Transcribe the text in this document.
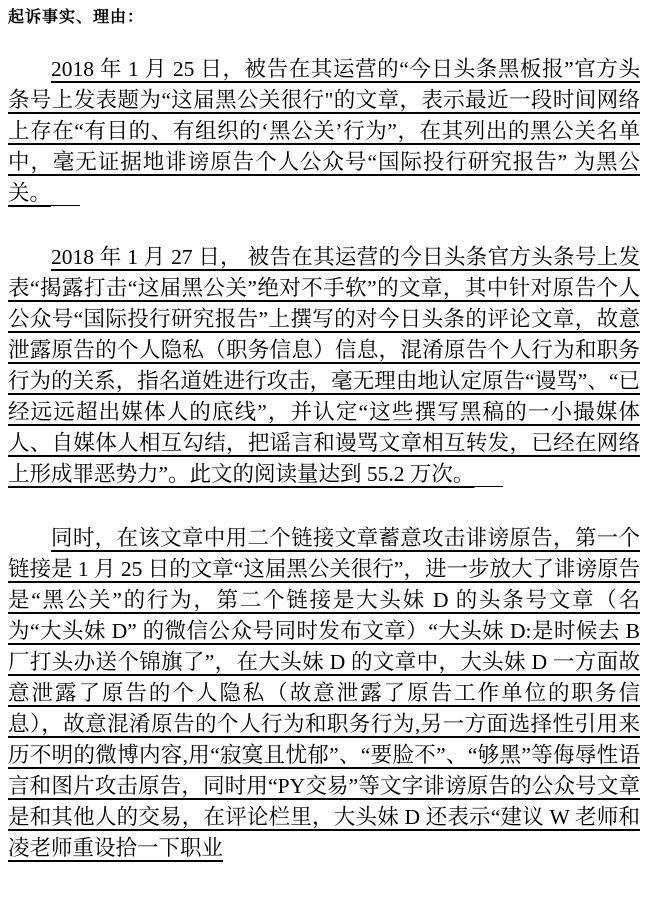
起诉事实、理由：

2018 年 1 月 25 日，被告在其运营的“今日头条黑板报”官方头条号上发表题为“这届黑公关很行"的文章，表示最近一段时间网络上存在“有目的、有组织的‘黑公关’行为”，在其列出的黑公关名单中，毫无证据地诽谤原告个人公众号“国际投行研究报告” 为黑公关。

2018 年 1 月 27 日， 被告在其运营的今日头条官方头条号上发表“揭露打击“这届黑公关”绝对不手软”的文章，其中针对原告个人公众号“国际投行研究报告”上撰写的对今日头条的评论文章，故意泄露原告的个人隐私（职务信息）信息，混淆原告个人行为和职务行为的关系，指名道姓进行攻击，毫无理由地认定原告“谩骂”、“已经远远超出媒体人的底线”，并认定“这些撰写黑稿的一小撮媒体人、自媒体人相互勾结，把谣言和谩骂文章相互转发，已经在网络上形成罪恶势力”。此文的阅读量达到 55.2 万次。

同时，在该文章中用二个链接文章蓄意攻击诽谤原告，第一个链接是 1 月 25 日的文章“这届黑公关很行”，进一步放大了诽谤原告是“黑公关”的行为，第二个链接是大头妹 D 的头条号文章（名为“大头妹 D” 的微信公众号同时发布文章）“大头妹 D:是时候去 B 厂打头办送个锦旗了”，在大头妹 D 的文章中，大头妹 D 一方面故意泄露了原告的个人隐私（故意泄露了原告工作单位的职务信息），故意混淆原告的个人行为和职务行为,另一方面选择性引用来历不明的微博内容,用“寂寞且忧郁”、“要脸不”、“够黑”等侮辱性语言和图片攻击原告，同时用“PY交易”等文字诽谤原告的公众号文章是和其他人的交易，在评论栏里，大头妹 D 还表示“建议 W 老师和凌老师重设拾一下职业
